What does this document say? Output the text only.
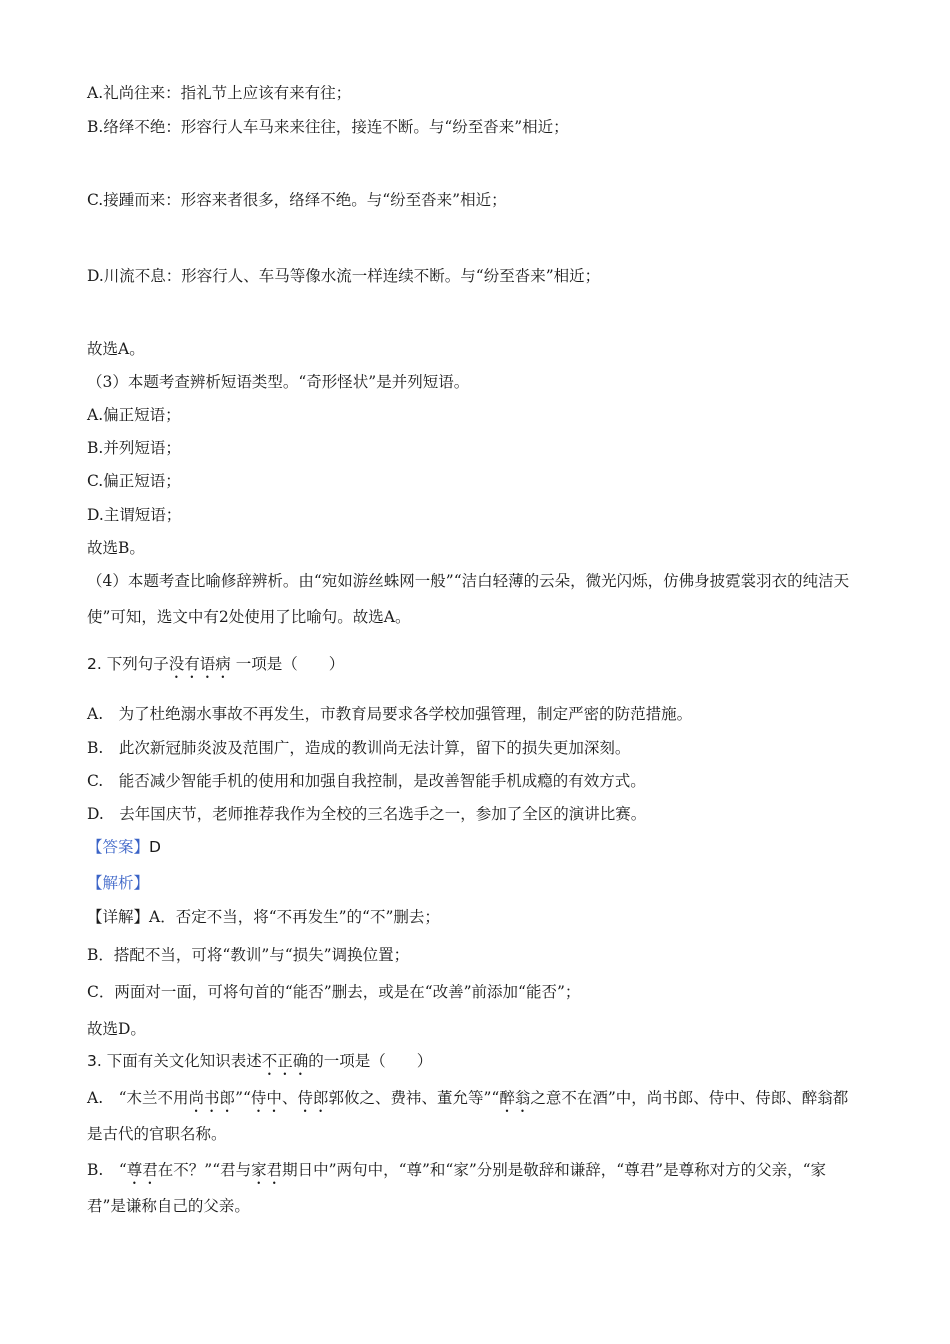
A.礼尚往来：指礼节上应该有来有往；
B.络绎不绝：形容行人车马来来往往，接连不断。与“纷至沓来”相近；
C.接踵而来：形容来者很多，络绎不绝。与“纷至沓来”相近；
D.川流不息：形容行人、车马等像水流一样连续不断。与“纷至沓来”相近；
故选A。
（3）本题考查辨析短语类型。“奇形怪状”是并列短语。
A.偏正短语；
B.并列短语；
C.偏正短语；
D.主谓短语；
故选B。
（4）本题考查比喻修辞辨析。由“宛如游丝蛛网一般”“洁白轻薄的云朵，微光闪烁，仿佛身披霓裳羽衣的纯洁天使”可知，选文中有2处使用了比喻句。故选A。
2. 下列句子没有语病 一项是（　　）
A.　为了杜绝溺水事故不再发生，市教育局要求各学校加强管理，制定严密的防范措施。
B.　此次新冠肺炎波及范围广，造成的教训尚无法计算，留下的损失更加深刻。
C.　能否减少智能手机的使用和加强自我控制，是改善智能手机成瘾的有效方式。
D.　去年国庆节，老师推荐我作为全校的三名选手之一，参加了全区的演讲比赛。
【答案】D
【解析】
【详解】A．否定不当，将“不再发生”的“不”删去；
B．搭配不当，可将“教训”与“损失”调换位置；
C．两面对一面，可将句首的“能否”删去，或是在“改善”前添加“能否”；
故选D。
3. 下面有关文化知识表述不正确的一项是（　　）
A.　“木兰不用尚书郎”“侍中、侍郎郭攸之、费祎、董允等”“醉翁之意不在酒”中，尚书郎、侍中、侍郎、醉翁都是古代的官职名称。
B.　“尊君在不？”“君与家君期日中”两句中，“尊”和“家”分别是敬辞和谦辞，“尊君”是尊称对方的父亲，“家君”是谦称自己的父亲。
